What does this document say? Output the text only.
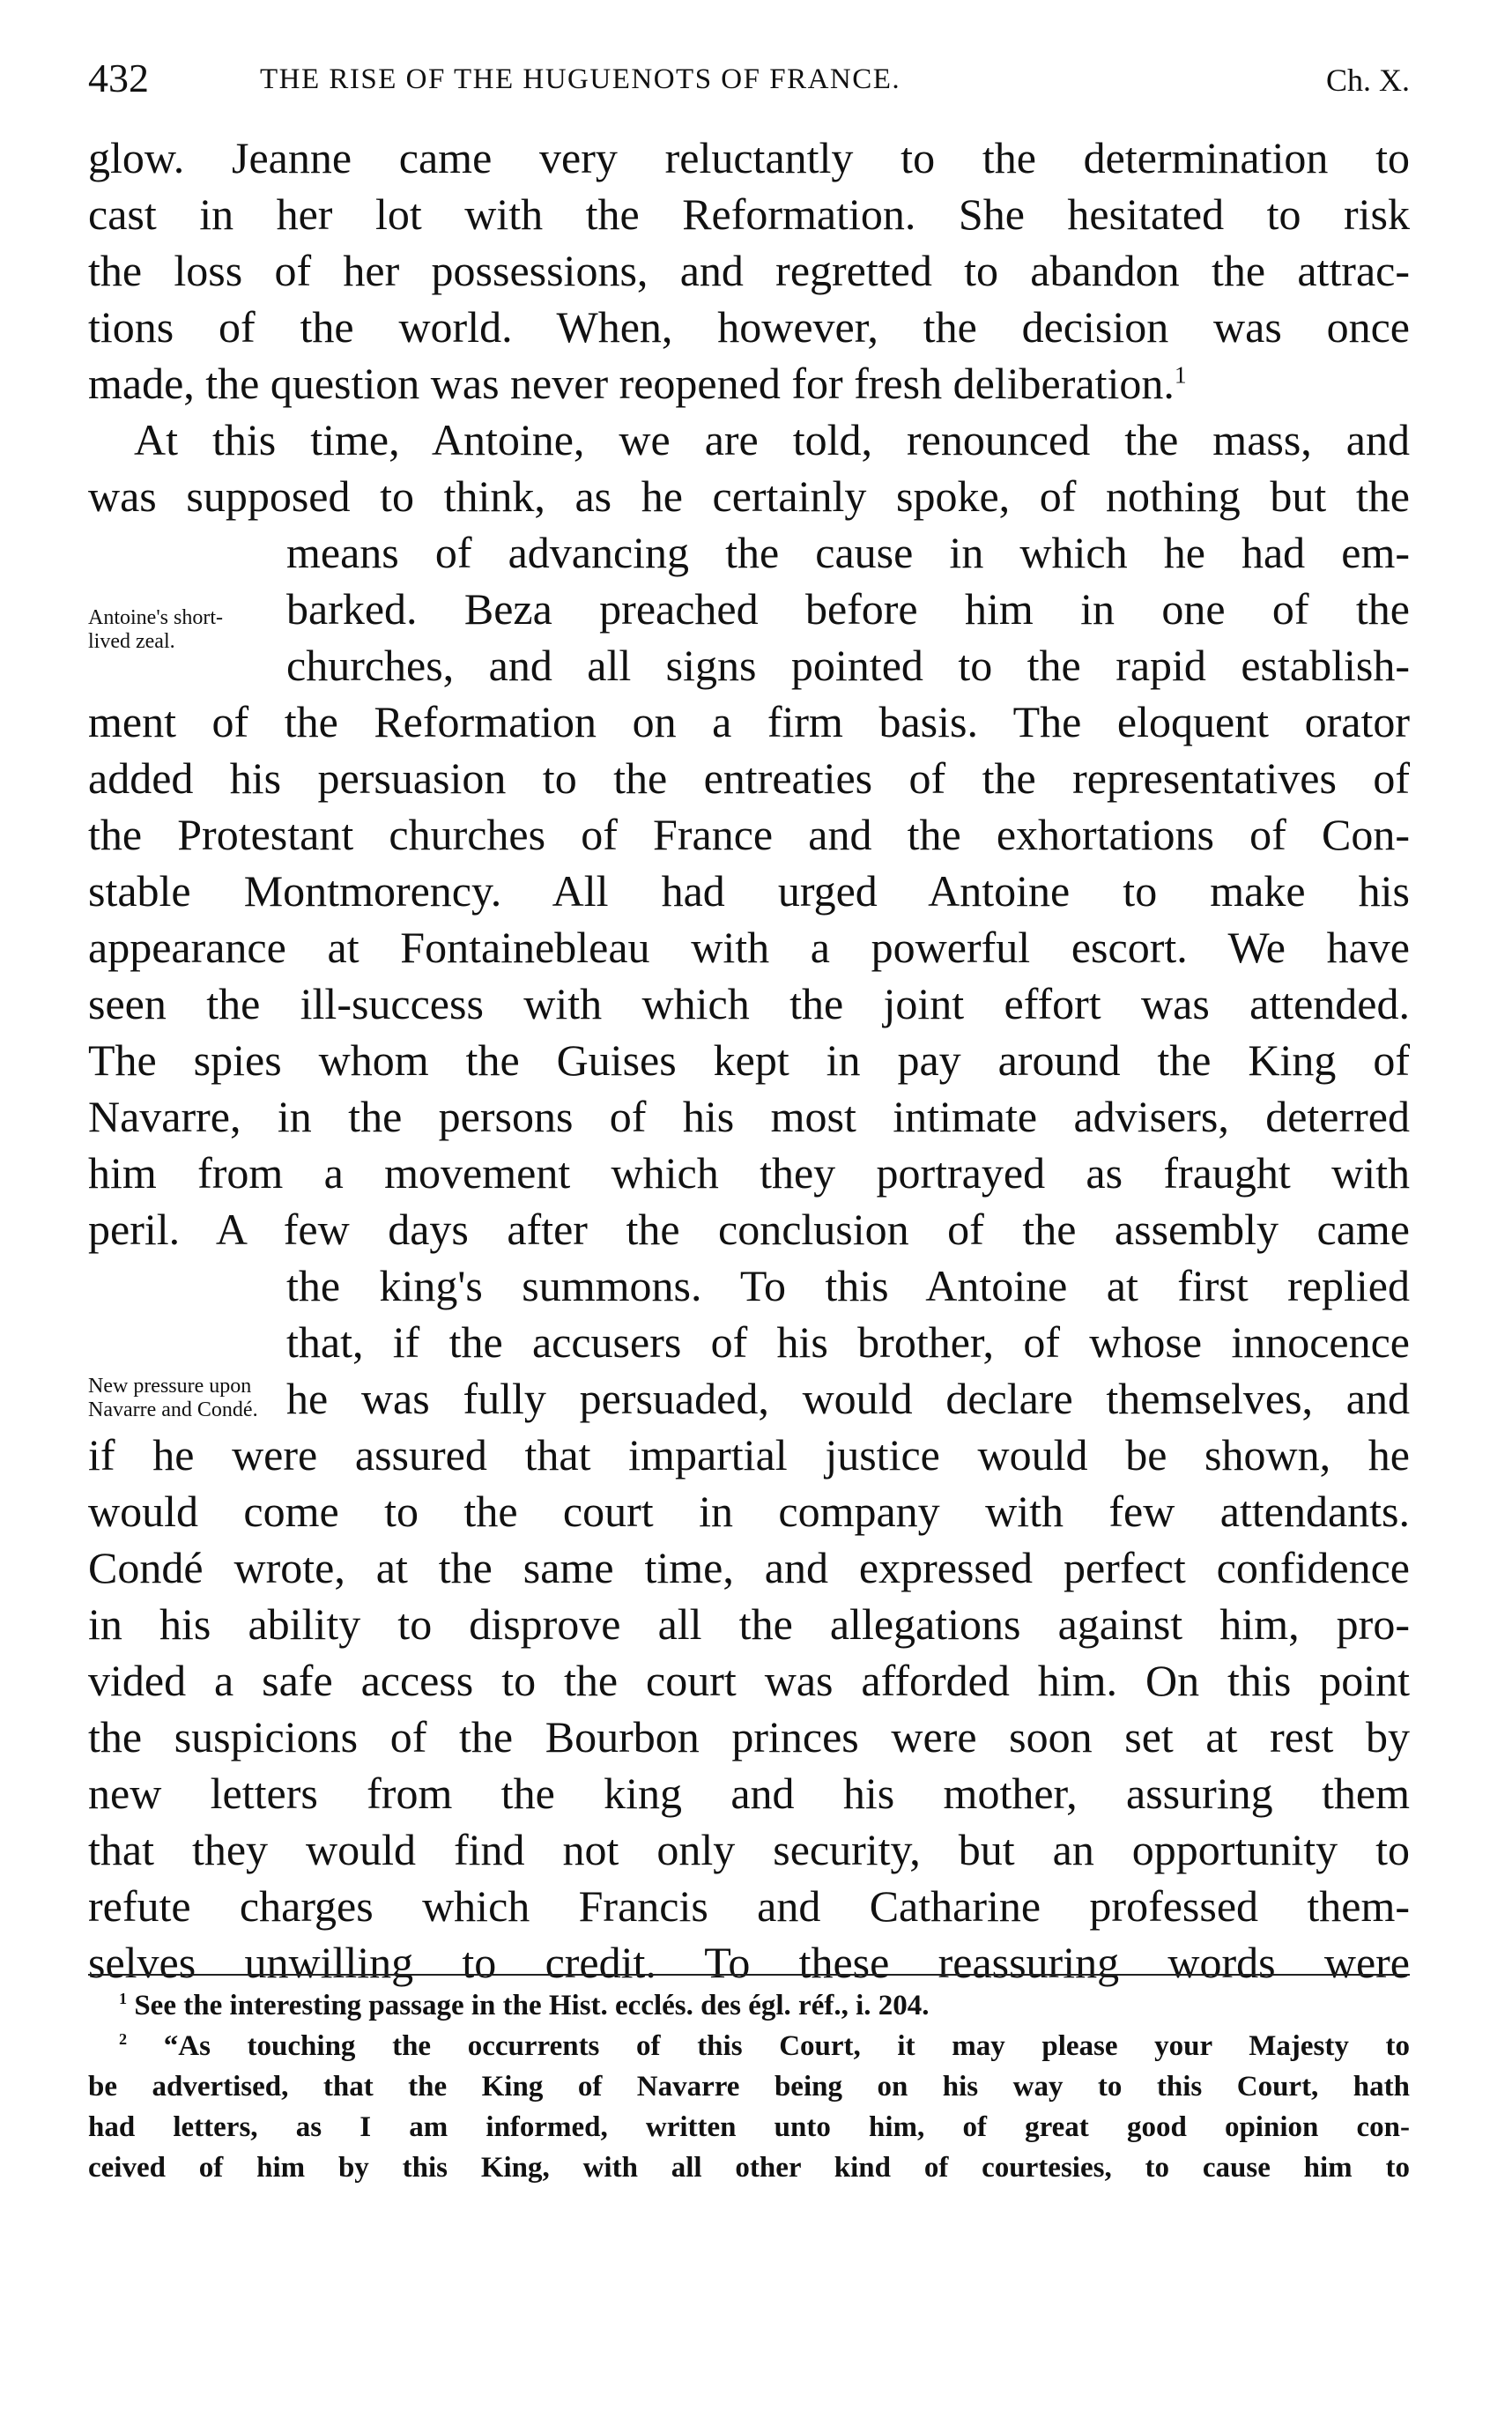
432	THE RISE OF THE HUGUENOTS OF FRANCE.	Ch. X.
Antoine's short-lived zeal.
New pressure upon Navarre and Condé.
glow. Jeanne came very reluctantly to the determination to
cast in her lot with the Reformation. She hesitated to risk
the loss of her possessions, and regretted to abandon the attrac-
tions of the world. When, however, the decision was once
made, the question was never reopened for fresh deliberation.$^1$
At this time, Antoine, we are told, renounced the mass, and
was supposed to think, as he certainly spoke, of nothing but the
means of advancing the cause in which he had em-
barked. Beza preached before him in one of the
churches, and all signs pointed to the rapid establish-
ment of the Reformation on a firm basis. The eloquent orator
added his persuasion to the entreaties of the representatives of
the Protestant churches of France and the exhortations of Con-
stable Montmorency. All had urged Antoine to make his
appearance at Fontainebleau with a powerful escort. We have
seen the ill-success with which the joint effort was attended.
The spies whom the Guises kept in pay around the King of
Navarre, in the persons of his most intimate advisers, deterred
him from a movement which they portrayed as fraught with
peril. A few days after the conclusion of the assembly came
the king's summons. To this Antoine at first replied
that, if the accusers of his brother, of whose innocence
he was fully persuaded, would declare themselves, and
if he were assured that impartial justice would be shown, he
would come to the court in company with few attendants.
Condé wrote, at the same time, and expressed perfect confidence
in his ability to disprove all the allegations against him, pro-
vided a safe access to the court was afforded him. On this point
the suspicions of the Bourbon princes were soon set at rest by
new letters from the king and his mother, assuring them
that they would find not only security, but an opportunity to
refute charges which Francis and Catharine professed them-
selves unwilling to credit. To these reassuring words were
$^1$ See the interesting passage in the Hist. ecclés. des égl. réf., i. 204.
$^2$ “As touching the occurrents of this Court, it may please your Majesty to
be advertised, that the King of Navarre being on his way to this Court, hath
had letters, as I am informed, written unto him, of great good opinion con-
ceived of him by this King, with all other kind of courtesies, to cause him to
